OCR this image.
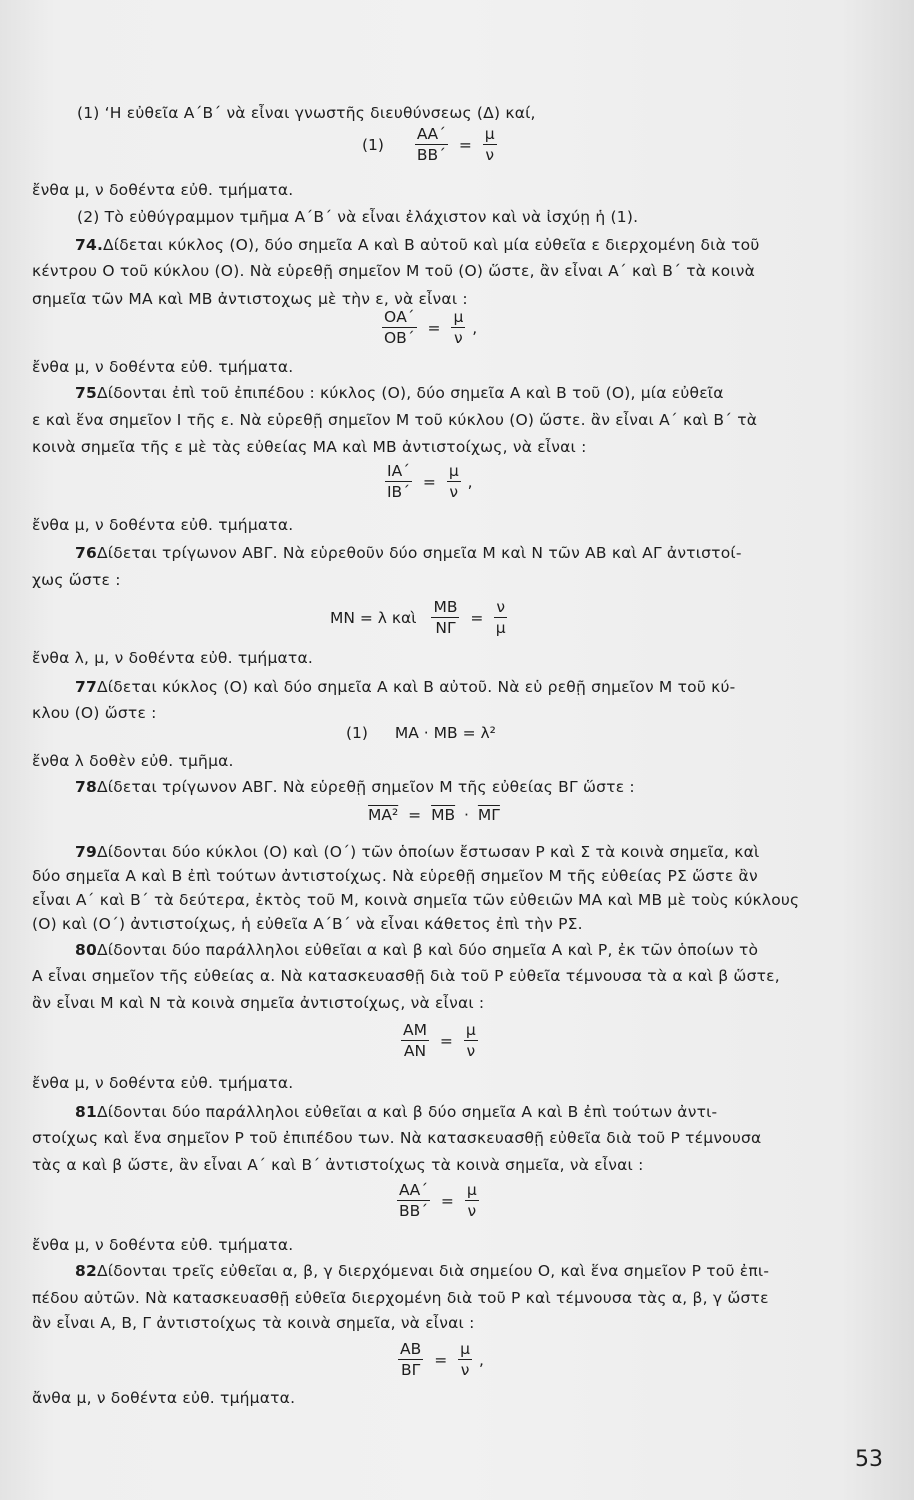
(1) ‘Η εὐθεῖα Α΄Β΄ νὰ εἶναι γνωστῆς διευθύνσεως (Δ) καί,
$(1) \frac{AA΄}{BB΄} = \frac{\mu}{\nu}$
ἔνθα μ, ν δοθέντα εὐθ. τμήματα.
(2) Τὸ εὐθύγραμμον τμῆμα Α΄Β΄ νὰ εἶναι ἐλάχιστον καὶ νὰ ἰσχύῃ ἡ (1).
74. Δίδεται κύκλος (Ο), δύο σημεῖα Α καὶ Β αὐτοῦ καὶ μία εὐθεῖα ε διερχομένη διὰ τοῦ
κέντρου Ο τοῦ κύκλου (Ο). Νὰ εὑρεθῇ σημεῖον Μ τοῦ (Ο) ὥστε, ἂν εἶναι Α΄ καὶ Β΄ τὰ κοινὰ
σημεῖα τῶν ΜΑ καὶ ΜΒ ἀντιστοχως μὲ τὴν ε, νὰ εἶναι :
$\frac{OA΄}{OB΄} = \frac{\mu}{\nu}$ ,
ἔνθα μ, ν δοθέντα εὐθ. τμήματα.
75 Δίδονται ἐπὶ τοῦ ἐπιπέδου : κύκλος (Ο), δύο σημεῖα Α καὶ Β τοῦ (Ο), μία εὐθεῖα
ε καὶ ἕνα σημεῖον Ι τῆς ε. Νὰ εὑρεθῇ σημεῖον Μ τοῦ κύκλου (Ο) ὥστε. ἂν εἶναι Α΄ καὶ Β΄ τὰ
κοινὰ σημεῖα τῆς ε μὲ τὰς εὐθείας ΜΑ καὶ ΜΒ ἀντιστοίχως, νὰ εἶναι :
$\frac{IA΄}{IB΄} = \frac{\mu}{\nu}$ ,
ἔνθα μ, ν δοθέντα εὐθ. τμήματα.
76 Δίδεται τρίγωνον ΑΒΓ. Νὰ εὑρεθοῦν δύο σημεῖα Μ καὶ Ν τῶν ΑΒ καὶ ΑΓ ἀντιστοί-
χως ὥστε :
ΜΝ = λ καὶ $\frac{MB}{N\Gamma} = \frac{\nu}{\mu}$
ἔνθα λ, μ, ν δοθέντα εὐθ. τμήματα.
77 Δίδεται κύκλος (Ο) καὶ δύο σημεῖα Α καὶ Β αὐτοῦ. Νὰ εὑ ρεθῇ σημεῖον Μ τοῦ κύ-
κλου (Ο) ὥστε :
(1) ΜΑ · ΜΒ = λ²
ἔνθα λ δοθὲν εὐθ. τμῆμα.
78 Δίδεται τρίγωνον ΑΒΓ. Νὰ εὑρεθῇ σημεῖον Μ τῆς εὐθείας ΒΓ ὥστε :
$MA^2 = \overline{MB} \cdot \overline{M\Gamma}$
79 Δίδονται δύο κύκλοι (Ο) καὶ (Ο΄) τῶν ὁποίων ἔστωσαν Ρ καὶ Σ τὰ κοινὰ σημεῖα, καὶ
δύο σημεῖα Α καὶ Β ἐπὶ τούτων ἀντιστοίχως. Νὰ εὑρεθῇ σημεῖον Μ τῆς εὐθείας ΡΣ ὥστε ἂν
εἶναι Α΄ καὶ Β΄ τὰ δεύτερα, ἐκτὸς τοῦ Μ, κοινὰ σημεῖα τῶν εὐθειῶν ΜΑ καὶ ΜΒ μὲ τοὺς κύκλους
(Ο) καὶ (Ο΄) ἀντιστοίχως, ἡ εὐθεῖα Α΄Β΄ νὰ εἶναι κάθετος ἐπὶ τὴν ΡΣ.
80 Δίδονται δύο παράλληλοι εὐθεῖαι α καὶ β καὶ δύο σημεῖα Α καὶ Ρ, ἐκ τῶν ὁποίων τὸ
Α εἶναι σημεῖον τῆς εὐθείας α. Νὰ κατασκευασθῇ διὰ τοῦ Ρ εὐθεῖα τέμνουσα τὰ α καὶ β ὥστε,
ἂν εἶναι Μ καὶ Ν τὰ κοινὰ σημεῖα ἀντιστοίχως, νὰ εἶναι :
$\frac{AM}{AN} = \frac{\mu}{\nu}$
ἔνθα μ, ν δοθέντα εὐθ. τμήματα.
81 Δίδονται δύο παράλληλοι εὐθεῖαι α καὶ β δύο σημεῖα Α καὶ Β ἐπὶ τούτων ἀντι-
στοίχως καὶ ἕνα σημεῖον Ρ τοῦ ἐπιπέδου των. Νὰ κατασκευασθῇ εὐθεῖα διὰ τοῦ Ρ τέμνουσα
τὰς α καὶ β ὥστε, ἂν εἶναι Α΄ καὶ Β΄ ἀντιστοίχως τὰ κοινὰ σημεῖα, νὰ εἶναι :
$\frac{AA΄}{BB΄} = \frac{\mu}{\nu}$
ἔνθα μ, ν δοθέντα εὐθ. τμήματα.
82 Δίδονται τρεῖς εὐθεῖαι α, β, γ διερχόμεναι διὰ σημείου Ο, καὶ ἕνα σημεῖον Ρ τοῦ ἐπι-
πέδου αὐτῶν. Νὰ κατασκευασθῇ εὐθεῖα διερχομένη διὰ τοῦ Ρ καὶ τέμνουσα τὰς α, β, γ ὥστε
ἂν εἶναι Α, Β, Γ ἀντιστοίχως τὰ κοινὰ σημεῖα, νὰ εἶναι :
$\frac{AB}{B\Gamma} = \frac{\mu}{\nu}$ ,
ἄνθα μ, ν δοθέντα εὐθ. τμήματα.
53
